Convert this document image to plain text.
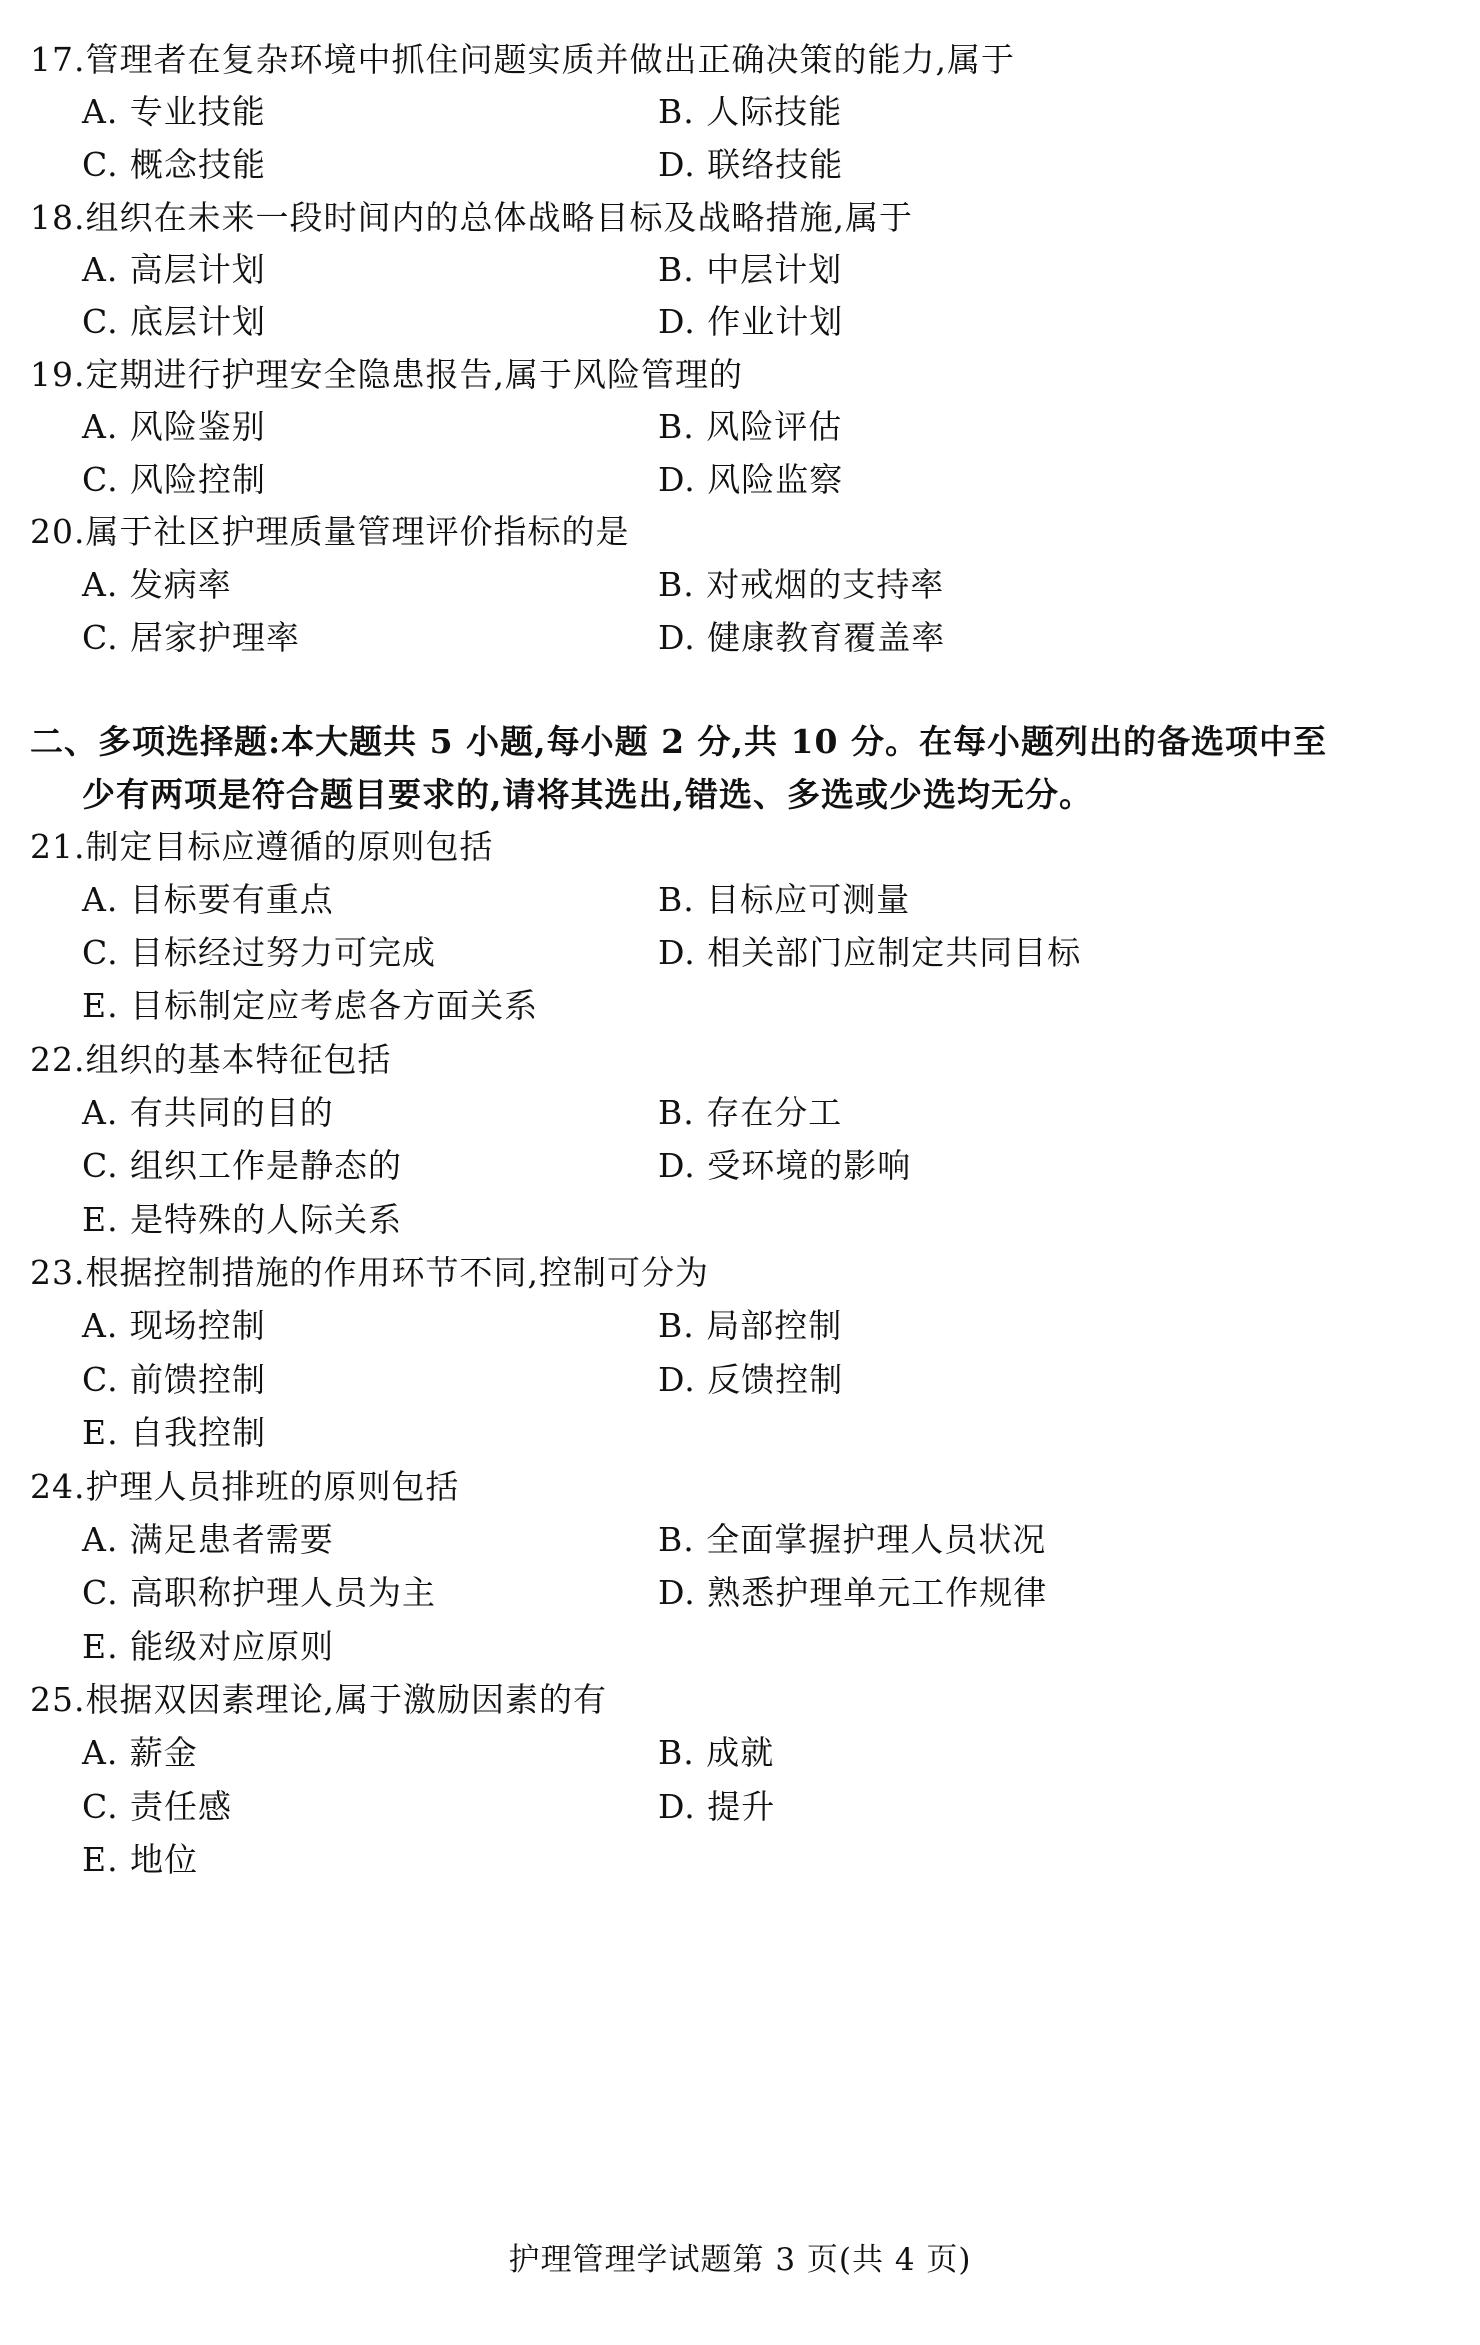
17.管理者在复杂环境中抓住问题实质并做出正确决策的能力,属于
A. 专业技能	B. 人际技能
C. 概念技能	D. 联络技能
18.组织在未来一段时间内的总体战略目标及战略措施,属于
A. 高层计划	B. 中层计划
C. 底层计划	D. 作业计划
19.定期进行护理安全隐患报告,属于风险管理的
A. 风险鉴别	B. 风险评估
C. 风险控制	D. 风险监察
20.属于社区护理质量管理评价指标的是
A. 发病率	B. 对戒烟的支持率
C. 居家护理率	D. 健康教育覆盖率
二、多项选择题:本大题共 5 小题,每小题 2 分,共 10 分。在每小题列出的备选项中至
少有两项是符合题目要求的,请将其选出,错选、多选或少选均无分。
21.制定目标应遵循的原则包括
A. 目标要有重点	B. 目标应可测量
C. 目标经过努力可完成	D. 相关部门应制定共同目标
E. 目标制定应考虑各方面关系
22.组织的基本特征包括
A. 有共同的目的	B. 存在分工
C. 组织工作是静态的	D. 受环境的影响
E. 是特殊的人际关系
23.根据控制措施的作用环节不同,控制可分为
A. 现场控制	B. 局部控制
C. 前馈控制	D. 反馈控制
E. 自我控制
24.护理人员排班的原则包括
A. 满足患者需要	B. 全面掌握护理人员状况
C. 高职称护理人员为主	D. 熟悉护理单元工作规律
E. 能级对应原则
25.根据双因素理论,属于激励因素的有
A. 薪金	B. 成就
C. 责任感	D. 提升
E. 地位
护理管理学试题第 3 页(共 4 页)
